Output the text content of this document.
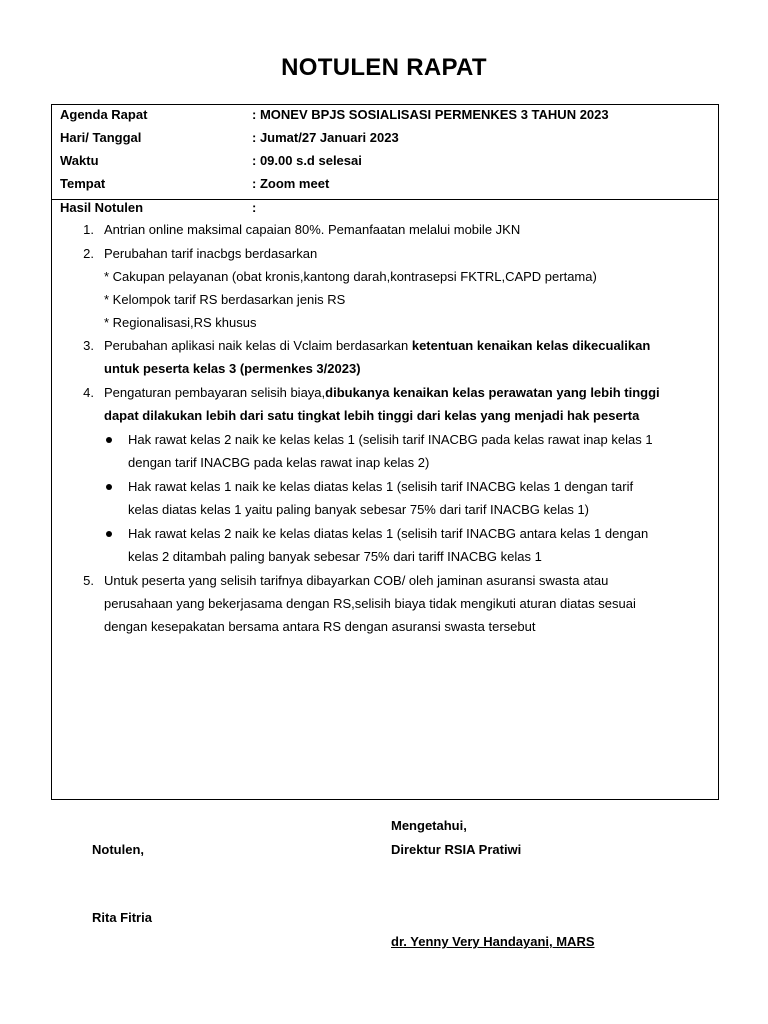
NOTULEN RAPAT
Agenda Rapat	: MONEV BPJS SOSIALISASI PERMENKES 3 TAHUN 2023
Hari/ Tanggal	: Jumat/27 Januari 2023
Waktu	: 09.00 s.d selesai
Tempat	: Zoom meet
Hasil Notulen	:
1. Antrian online maksimal capaian 80%. Pemanfaatan melalui mobile JKN
2. Perubahan tarif inacbgs berdasarkan
* Cakupan pelayanan (obat kronis,kantong darah,kontrasepsi FKTRL,CAPD pertama)
* Kelompok tarif RS berdasarkan jenis RS
* Regionalisasi,RS khusus
3. Perubahan aplikasi naik kelas di Vclaim berdasarkan ketentuan kenaikan kelas dikecualikan
untuk peserta kelas 3 (permenkes 3/2023)
4. Pengaturan pembayaran selisih biaya,dibukanya kenaikan kelas perawatan yang lebih tinggi
dapat dilakukan lebih dari satu tingkat lebih tinggi dari kelas yang menjadi hak peserta
Hak rawat kelas 2 naik ke kelas kelas 1 (selisih tarif INACBG pada kelas rawat inap kelas 1
dengan tarif INACBG pada kelas rawat inap kelas 2)
Hak rawat kelas 1 naik ke kelas diatas kelas 1 (selisih tarif INACBG kelas 1 dengan tarif
kelas diatas kelas 1 yaitu paling banyak sebesar 75% dari tarif INACBG kelas 1)
Hak rawat kelas 2 naik ke kelas diatas kelas 1 (selisih tarif INACBG antara kelas 1 dengan
kelas 2 ditambah paling banyak sebesar 75% dari tariff INACBG kelas 1
5. Untuk peserta yang selisih tarifnya dibayarkan COB/ oleh jaminan asuransi swasta atau
perusahaan yang bekerjasama dengan RS,selisih biaya tidak mengikuti aturan diatas sesuai
dengan kesepakatan bersama antara RS dengan asuransi swasta tersebut
Mengetahui,
Notulen,	Direktur RSIA Pratiwi
Rita Fitria
dr. Yenny Very Handayani, MARS
